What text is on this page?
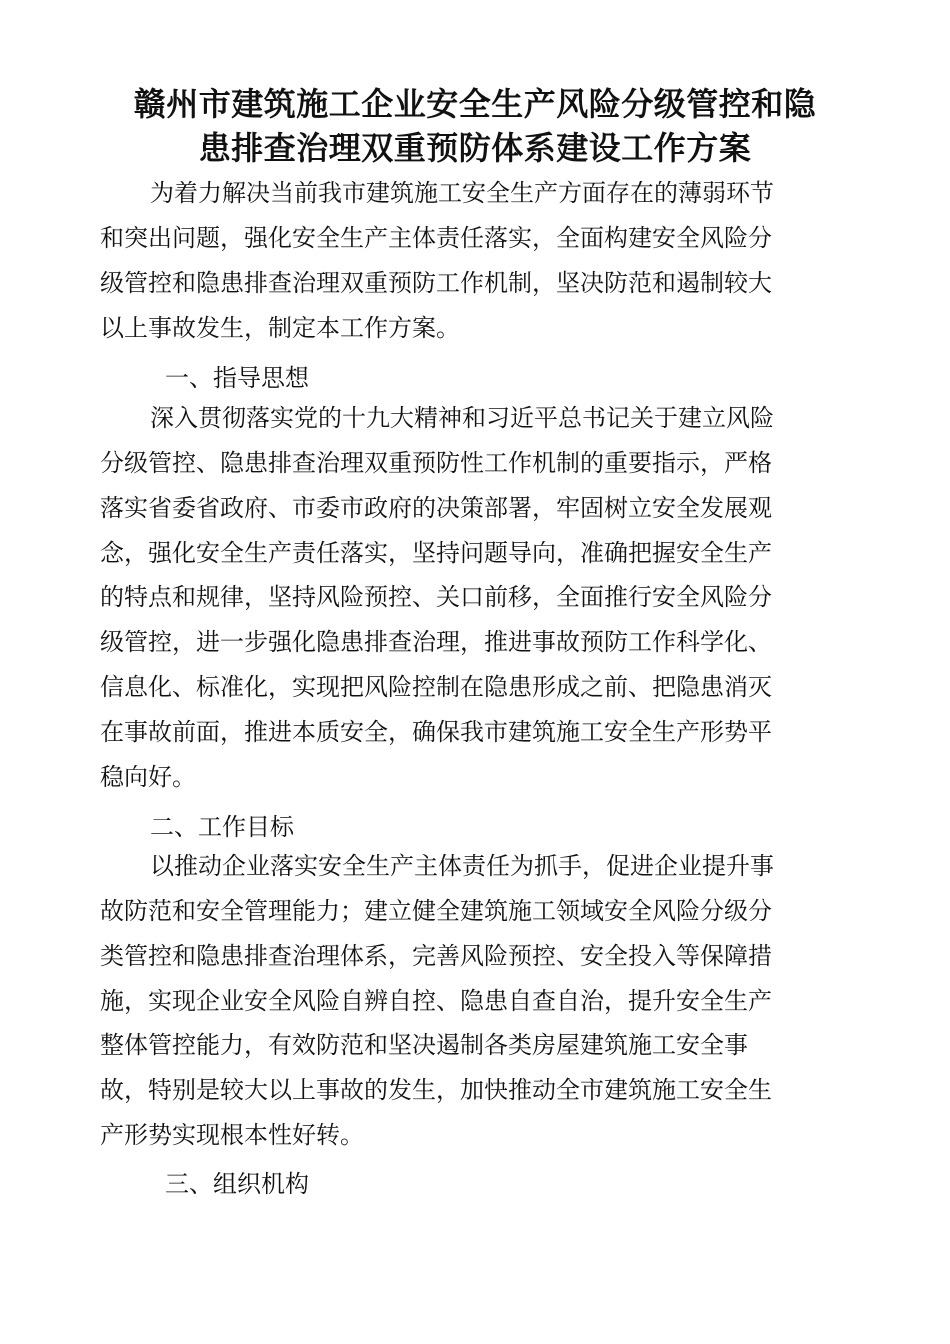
赣州市建筑施工企业安全生产风险分级管控和隐
患排查治理双重预防体系建设工作方案
为着力解决当前我市建筑施工安全生产方面存在的薄弱环节
和突出问题，强化安全生产主体责任落实，全面构建安全风险分
级管控和隐患排查治理双重预防工作机制，坚决防范和遏制较大
以上事故发生，制定本工作方案。
一、指导思想
深入贯彻落实党的十九大精神和习近平总书记关于建立风险
分级管控、隐患排查治理双重预防性工作机制的重要指示，严格
落实省委省政府、市委市政府的决策部署，牢固树立安全发展观
念，强化安全生产责任落实，坚持问题导向，准确把握安全生产
的特点和规律，坚持风险预控、关口前移，全面推行安全风险分
级管控，进一步强化隐患排查治理，推进事故预防工作科学化、
信息化、标准化，实现把风险控制在隐患形成之前、把隐患消灭
在事故前面，推进本质安全，确保我市建筑施工安全生产形势平
稳向好。
二、工作目标
以推动企业落实安全生产主体责任为抓手，促进企业提升事
故防范和安全管理能力；建立健全建筑施工领域安全风险分级分
类管控和隐患排查治理体系，完善风险预控、安全投入等保障措
施，实现企业安全风险自辨自控、隐患自查自治，提升安全生产
整体管控能力，有效防范和坚决遏制各类房屋建筑施工安全事
故，特别是较大以上事故的发生，加快推动全市建筑施工安全生
产形势实现根本性好转。
三、组织机构
